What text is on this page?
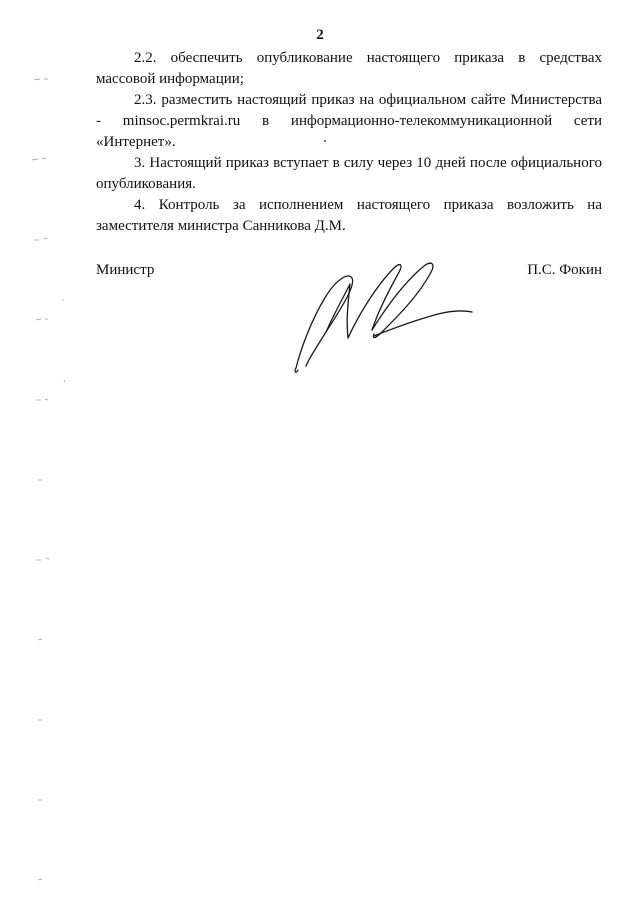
2

2.2. обеспечить опубликование настоящего приказа в средствах массовой информации;

2.3. разместить настоящий приказ на официальном сайте Министерства - minsoc.permkrai.ru в информационно-телекоммуникационной сети «Интернет».

3. Настоящий приказ вступает в силу через 10 дней после официального опубликования.

4. Контроль за исполнением настоящего приказа возложить на заместителя министра Санникова Д.М.

Министр	П.С. Фокин
